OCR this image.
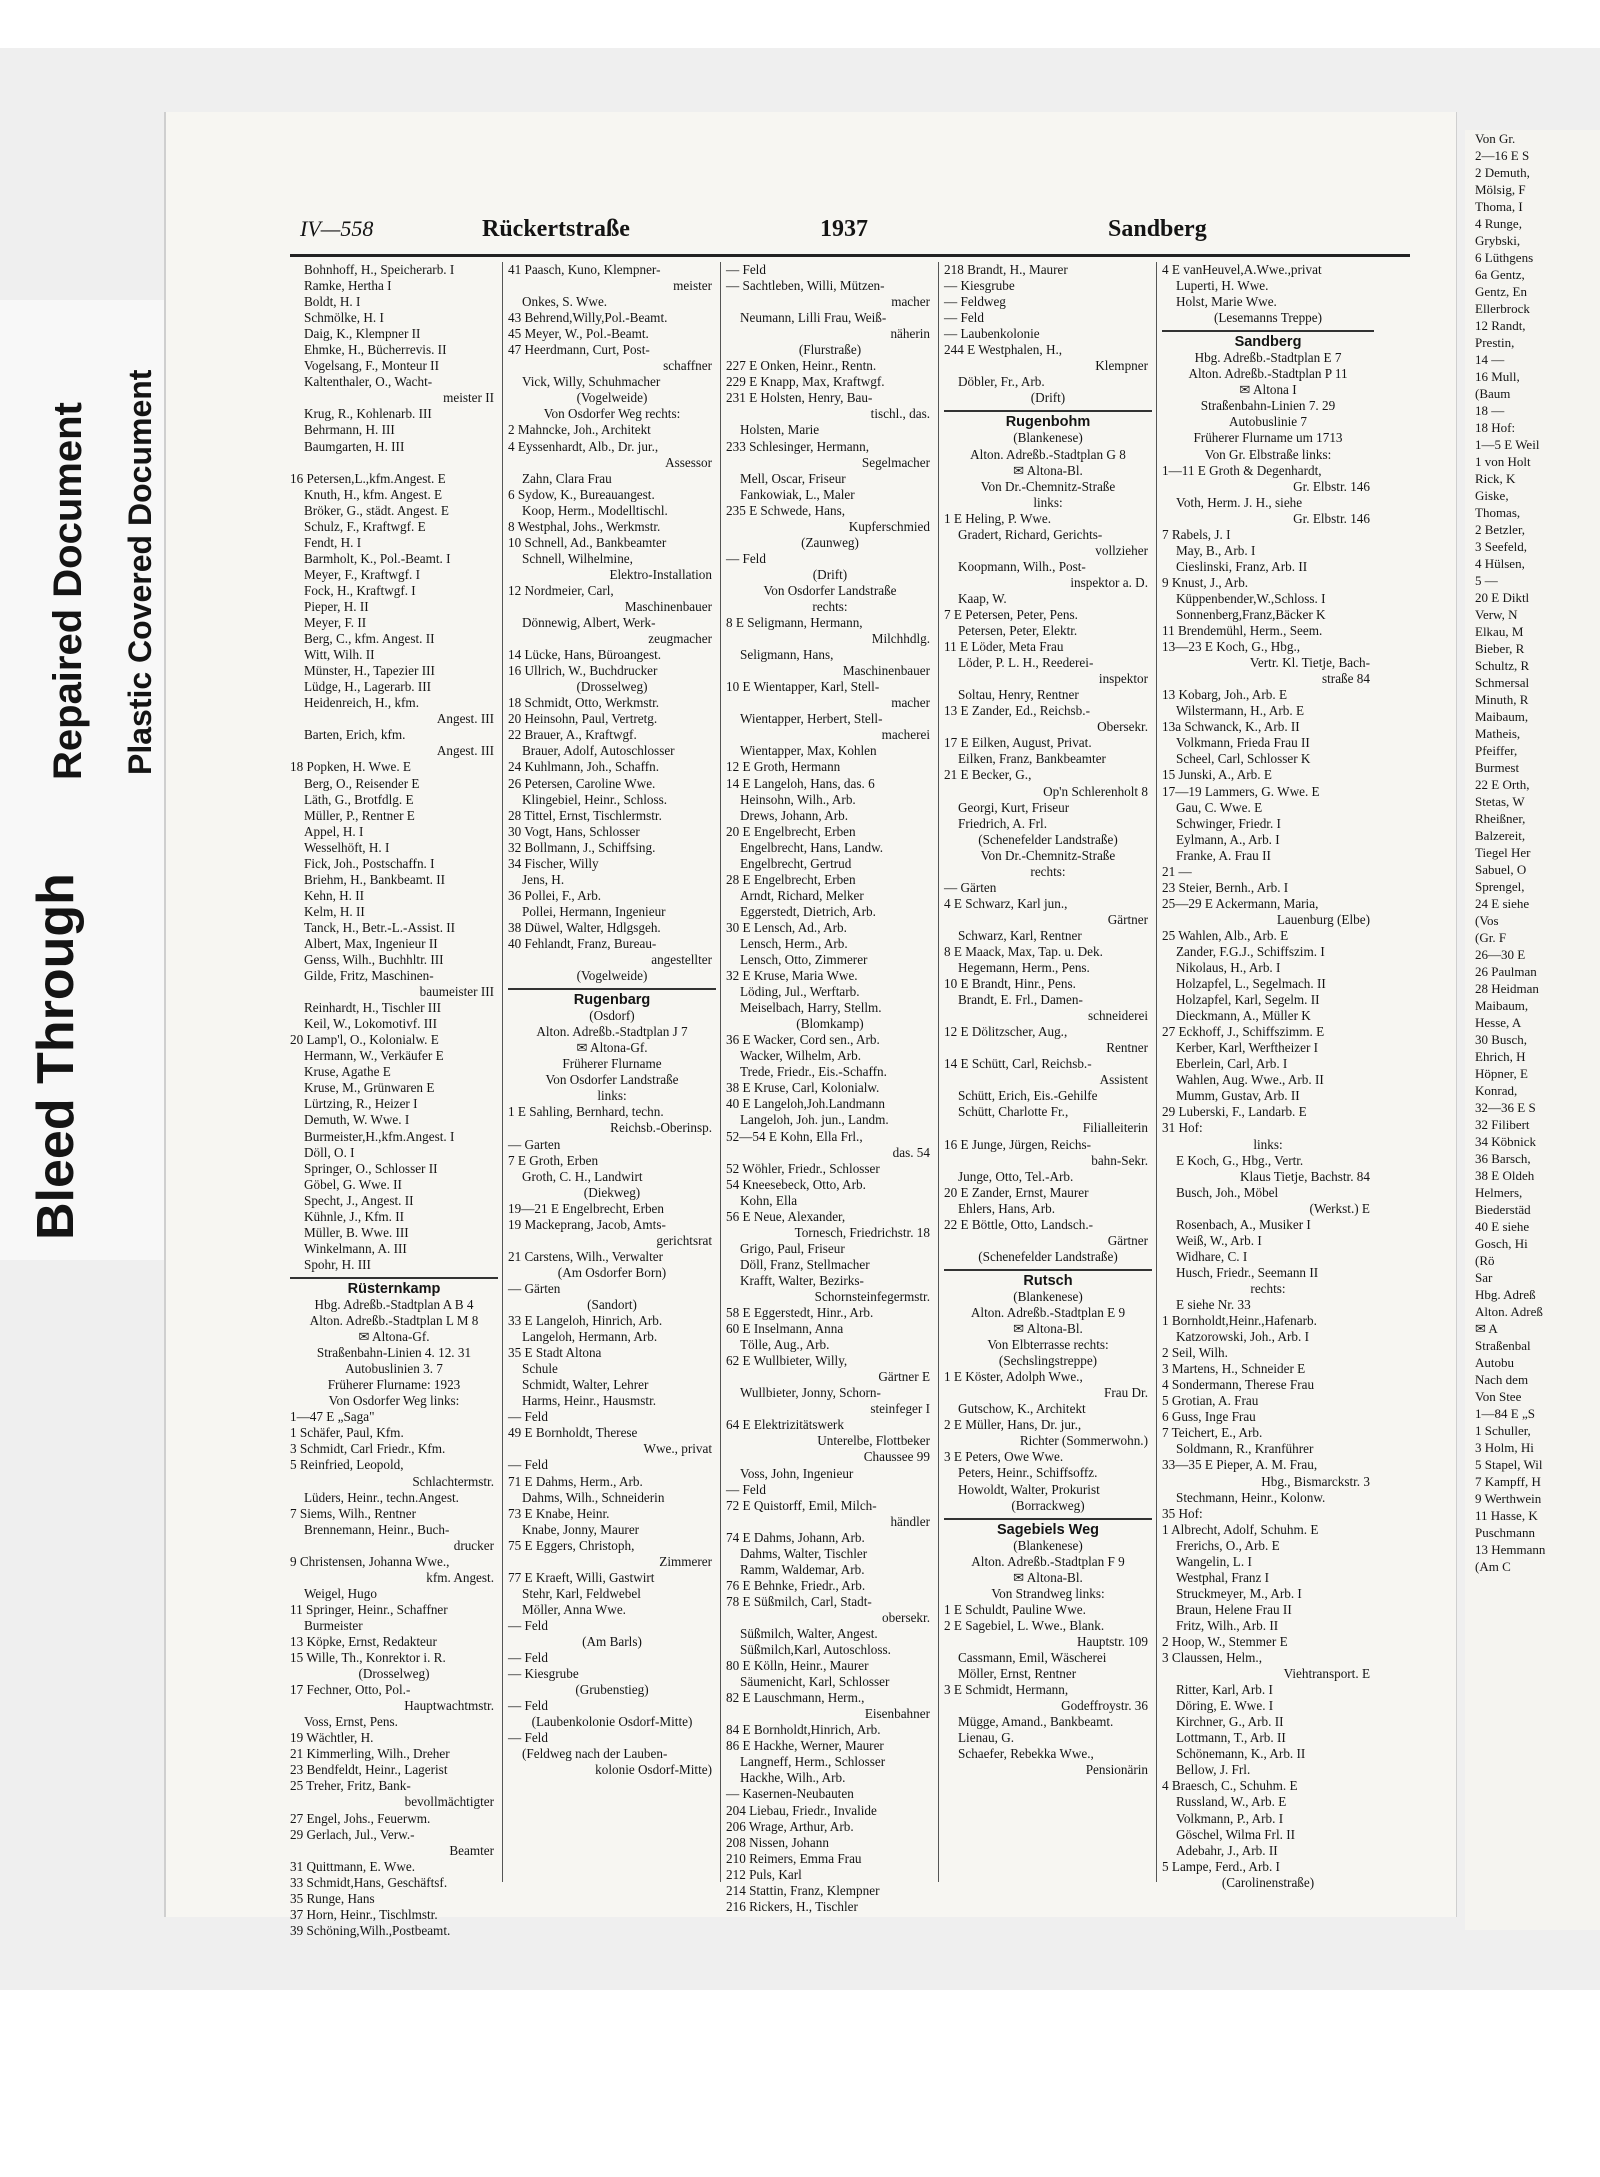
Bleed Through
Repaired Document Plastic Covered Document
Von Gr.
2—16 E S
2 Demuth,
Mölsig, F
Thoma, I
4 Runge,
Grybski,
6 Lüthgens
6a Gentz,
Gentz, En
Ellerbrock
12 Randt,
Prestin,
14 —
16 Mull,
(Baum
18 —
18 Hof:
1—5 E Weil
1 von Holt
Rick, K
Giske,
Thomas,
2 Betzler,
3 Seefeld,
4 Hülsen,
5 —
20 E Diktl
Verw, N
Elkau, M
Bieber, R
Schultz, R
Schmersal
Minuth, R
Maibaum,
Matheis,
Pfeiffer,
Burmest
22 E Orth,
Stetas, W
Rheißner,
Balzereit,
Tiegel Her
Sabuel, O
Sprengel,
24 E siehe
(Vos
(Gr. F
26—30 E
26 Paulman
28 Heidman
Maibaum,
Hesse, A
30 Busch,
Ehrich, H
Höpner, E
Konrad,
32—36 E S
32 Filibert
34 Köbnick
36 Barsch,
38 E Oldeh
Helmers,
Biederstäd
40 E siehe
Gosch, Hi
(Rö
Sar
Hbg. Adreß
Alton. Adreß
✉ A
Straßenbal
Autobu
Nach dem
Von Stee
1—84 E „S
1 Schuller,
3 Holm, Hi
5 Stapel, Wil
7 Kampff, H
9 Werthwein
11 Hasse, K
Puschmann
13 Hemmann
(Am C
IV—558	Rückertstraße	1937	Sandberg
Bohnhoff, H., Speicherarb. I
Ramke, Hertha I
Boldt, H. I
Schmölke, H. I
Daig, K., Klempner II
Ehmke, H., Bücherrevis. II
Vogelsang, F., Monteur II
Kaltenthaler, O., Wacht-
meister II
Krug, R., Kohlenarb. III
Behrmann, H. III
Baumgarten, H. III

16 Petersen,L.,kfm.Angest. E
Knuth, H., kfm. Angest. E
Bröker, G., städt. Angest. E
Schulz, F., Kraftwgf. E
Fendt, H. I
Barmholt, K., Pol.-Beamt. I
Meyer, F., Kraftwgf. I
Fock, H., Kraftwgf. I
Pieper, H. II
Meyer, F. II
Berg, C., kfm. Angest. II
Witt, Wilh. II
Münster, H., Tapezier III
Lüdge, H., Lagerarb. III
Heidenreich, H., kfm.
Angest. III
Barten, Erich, kfm.
Angest. III
18 Popken, H. Wwe. E
Berg, O., Reisender E
Läth, G., Brotfdlg. E
Müller, P., Rentner E
Appel, H. I
Wesselhöft, H. I
Fick, Joh., Postschaffn. I
Briehm, H., Bankbeamt. II
Kehn, H. II
Kelm, H. II
Tanck, H., Betr.-L.-Assist. II
Albert, Max, Ingenieur II
Genss, Wilh., Buchhltr. III
Gilde, Fritz, Maschinen-
baumeister III
Reinhardt, H., Tischler III
Keil, W., Lokomotivf. III
20 Lamp'l, O., Kolonialw. E
Hermann, W., Verkäufer E
Kruse, Agathe E
Kruse, M., Grünwaren E
Lürtzing, R., Heizer I
Demuth, W. Wwe. I
Burmeister,H.,kfm.Angest. I
Döll, O. I
Springer, O., Schlosser II
Göbel, G. Wwe. II
Specht, J., Angest. II
Kühnle, J., Kfm. II
Müller, B. Wwe. III
Winkelmann, A. III
Spohr, H. III
Rüsternkamp
Hbg. Adreßb.-Stadtplan A B 4
Alton. Adreßb.-Stadtplan L M 8
✉ Altona-Gf.
Straßenbahn-Linien 4. 12. 31
Autobuslinien 3. 7
Früherer Flurname: 1923
Von Osdorfer Weg links:
1—47 E „Saga"
1 Schäfer, Paul, Kfm.
3 Schmidt, Carl Friedr., Kfm.
5 Reinfried, Leopold,
Schlachtermstr.
Lüders, Heinr., techn.Angest.
7 Siems, Wilh., Rentner
Brennemann, Heinr., Buch-
drucker
9 Christensen, Johanna Wwe.,
kfm. Angest.
Weigel, Hugo
11 Springer, Heinr., Schaffner
Burmeister
13 Köpke, Ernst, Redakteur
15 Wille, Th., Konrektor i. R.
(Drosselweg)
17 Fechner, Otto, Pol.-
Hauptwachtmstr.
Voss, Ernst, Pens.
19 Wächtler, H.
21 Kimmerling, Wilh., Dreher
23 Bendfeldt, Heinr., Lagerist
25 Treher, Fritz, Bank-
bevollmächtigter
27 Engel, Johs., Feuerwm.
29 Gerlach, Jul., Verw.-
Beamter
31 Quittmann, E. Wwe.
33 Schmidt,Hans, Geschäftsf.
35 Runge, Hans
37 Horn, Heinr., Tischlmstr.
39 Schöning,Wilh.,Postbeamt.
41 Paasch, Kuno, Klempner-
meister
Onkes, S. Wwe.
43 Behrend,Willy,Pol.-Beamt.
45 Meyer, W., Pol.-Beamt.
47 Heerdmann, Curt, Post-
schaffner
Vick, Willy, Schuhmacher
(Vogelweide)
Von Osdorfer Weg rechts:
2 Mahncke, Joh., Architekt
4 Eyssenhardt, Alb., Dr. jur.,
Assessor
Zahn, Clara Frau
6 Sydow, K., Bureauangest.
Koop, Herm., Modelltischl.
8 Westphal, Johs., Werkmstr.
10 Schnell, Ad., Bankbeamter
Schnell, Wilhelmine,
Elektro-Installation
12 Nordmeier, Carl,
Maschinenbauer
Dönnewig, Albert, Werk-
zeugmacher
14 Lücke, Hans, Büroangest.
16 Ullrich, W., Buchdrucker
(Drosselweg)
18 Schmidt, Otto, Werkmstr.
20 Heinsohn, Paul, Vertretg.
22 Brauer, A., Kraftwgf.
Brauer, Adolf, Autoschlosser
24 Kuhlmann, Joh., Schaffn.
26 Petersen, Caroline Wwe.
Klingebiel, Heinr., Schloss.
28 Tittel, Ernst, Tischlermstr.
30 Vogt, Hans, Schlosser
32 Bollmann, J., Schiffsing.
34 Fischer, Willy
Jens, H.
36 Pollei, F., Arb.
Pollei, Hermann, Ingenieur
38 Düwel, Walter, Hdlgsgeh.
40 Fehlandt, Franz, Bureau-
angestellter
(Vogelweide)
Rugenbarg
(Osdorf)
Alton. Adreßb.-Stadtplan J 7
✉ Altona-Gf.
Früherer Flurname
Von Osdorfer Landstraße
links:
1 E Sahling, Bernhard, techn.
Reichsb.-Oberinsp.
— Garten
7 E Groth, Erben
Groth, C. H., Landwirt
(Diekweg)
19—21 E Engelbrecht, Erben
19 Mackeprang, Jacob, Amts-
gerichtsrat
21 Carstens, Wilh., Verwalter
(Am Osdorfer Born)
— Gärten
(Sandort)
33 E Langeloh, Hinrich, Arb.
Langeloh, Hermann, Arb.
35 E Stadt Altona
Schule
Schmidt, Walter, Lehrer
Harms, Heinr., Hausmstr.
— Feld
49 E Bornholdt, Therese
Wwe., privat
— Feld
71 E Dahms, Herm., Arb.
Dahms, Wilh., Schneiderin
73 E Knabe, Heinr.
Knabe, Jonny, Maurer
75 E Eggers, Christoph,
Zimmerer
77 E Kraeft, Willi, Gastwirt
Stehr, Karl, Feldwebel
Möller, Anna Wwe.
— Feld
(Am Barls)
— Feld
— Kiesgrube
(Grubenstieg)
— Feld
(Laubenkolonie Osdorf-Mitte)
— Feld
(Feldweg nach der Lauben-
kolonie Osdorf-Mitte)
— Feld
— Sachtleben, Willi, Mützen-
macher
Neumann, Lilli Frau, Weiß-
näherin
(Flurstraße)
227 E Onken, Heinr., Rentn.
229 E Knapp, Max, Kraftwgf.
231 E Holsten, Henry, Bau-
tischl., das.
Holsten, Marie
233 Schlesinger, Hermann,
Segelmacher
Mell, Oscar, Friseur
Fankowiak, L., Maler
235 E Schwede, Hans,
Kupferschmied
(Zaunweg)
— Feld
(Drift)
Von Osdorfer Landstraße
rechts:
8 E Seligmann, Hermann,
Milchhdlg.
Seligmann, Hans,
Maschinenbauer
10 E Wientapper, Karl, Stell-
macher
Wientapper, Herbert, Stell-
macherei
Wientapper, Max, Kohlen
12 E Groth, Hermann
14 E Langeloh, Hans, das. 6
Heinsohn, Wilh., Arb.
Drews, Johann, Arb.
20 E Engelbrecht, Erben
Engelbrecht, Hans, Landw.
Engelbrecht, Gertrud
28 E Engelbrecht, Erben
Arndt, Richard, Melker
Eggerstedt, Dietrich, Arb.
30 E Lensch, Ad., Arb.
Lensch, Herm., Arb.
Lensch, Otto, Zimmerer
32 E Kruse, Maria Wwe.
Löding, Jul., Werftarb.
Meiselbach, Harry, Stellm.
(Blomkamp)
36 E Wacker, Cord sen., Arb.
Wacker, Wilhelm, Arb.
Trede, Friedr., Eis.-Schaffn.
38 E Kruse, Carl, Kolonialw.
40 E Langeloh,Joh.Landmann
Langeloh, Joh. jun., Landm.
52—54 E Kohn, Ella Frl.,
das. 54
52 Wöhler, Friedr., Schlosser
54 Kneesebeck, Otto, Arb.
Kohn, Ella
56 E Neue, Alexander,
Tornesch, Friedrichstr. 18
Grigo, Paul, Friseur
Döll, Franz, Stellmacher
Krafft, Walter, Bezirks-
Schornsteinfegermstr.
58 E Eggerstedt, Hinr., Arb.
60 E Inselmann, Anna
Tölle, Aug., Arb.
62 E Wullbieter, Willy,
Gärtner E
Wullbieter, Jonny, Schorn-
steinfeger I
64 E Elektrizitätswerk
Unterelbe, Flottbeker
Chaussee 99
Voss, John, Ingenieur
— Feld
72 E Quistorff, Emil, Milch-
händler
74 E Dahms, Johann, Arb.
Dahms, Walter, Tischler
Ramm, Waldemar, Arb.
76 E Behnke, Friedr., Arb.
78 E Süßmilch, Carl, Stadt-
obersekr.
Süßmilch, Walter, Angest.
Süßmilch,Karl, Autoschloss.
80 E Kölln, Heinr., Maurer
Säumenicht, Karl, Schlosser
82 E Lauschmann, Herm.,
Eisenbahner
84 E Bornholdt,Hinrich, Arb.
86 E Hackhe, Werner, Maurer
Langneff, Herm., Schlosser
Hackhe, Wilh., Arb.
— Kasernen-Neubauten
204 Liebau, Friedr., Invalide
206 Wrage, Arthur, Arb.
208 Nissen, Johann
210 Reimers, Emma Frau
212 Puls, Karl
214 Stattin, Franz, Klempner
216 Rickers, H., Tischler
218 Brandt, H., Maurer
— Kiesgrube
— Feldweg
— Feld
— Laubenkolonie
244 E Westphalen, H.,
Klempner
Döbler, Fr., Arb.
(Drift)
Rugenbohm
(Blankenese)
Alton. Adreßb.-Stadtplan G 8
✉ Altona-Bl.
Von Dr.-Chemnitz-Straße
links:
1 E Heling, P. Wwe.
Gradert, Richard, Gerichts-
vollzieher
Koopmann, Wilh., Post-
inspektor a. D.
Kaap, W.
7 E Petersen, Peter, Pens.
Petersen, Peter, Elektr.
11 E Löder, Meta Frau
Löder, P. L. H., Reederei-
inspektor
Soltau, Henry, Rentner
13 E Zander, Ed., Reichsb.-
Obersekr.
17 E Eilken, August, Privat.
Eilken, Franz, Bankbeamter
21 E Becker, G.,
Op'n Schlerenholt 8
Georgi, Kurt, Friseur
Friedrich, A. Frl.
(Schenefelder Landstraße)
Von Dr.-Chemnitz-Straße
rechts:
— Gärten
4 E Schwarz, Karl jun.,
Gärtner
Schwarz, Karl, Rentner
8 E Maack, Max, Tap. u. Dek.
Hegemann, Herm., Pens.
10 E Brandt, Hinr., Pens.
Brandt, E. Frl., Damen-
schneiderei
12 E Dölitzscher, Aug.,
Rentner
14 E Schütt, Carl, Reichsb.-
Assistent
Schütt, Erich, Eis.-Gehilfe
Schütt, Charlotte Fr.,
Filialleiterin
16 E Junge, Jürgen, Reichs-
bahn-Sekr.
Junge, Otto, Tel.-Arb.
20 E Zander, Ernst, Maurer
Ehlers, Hans, Arb.
22 E Böttle, Otto, Landsch.-
Gärtner
(Schenefelder Landstraße)
Rutsch
(Blankenese)
Alton. Adreßb.-Stadtplan E 9
✉ Altona-Bl.
Von Elbterrasse rechts:
(Sechslingstreppe)
1 E Köster, Adolph Wwe.,
Frau Dr.
Gutschow, K., Architekt
2 E Müller, Hans, Dr. jur.,
Richter (Sommerwohn.)
3 E Peters, Owe Wwe.
Peters, Heinr., Schiffsoffz.
Howoldt, Walter, Prokurist
(Borrackweg)
Sagebiels Weg
(Blankenese)
Alton. Adreßb.-Stadtplan F 9
✉ Altona-Bl.
Von Strandweg links:
1 E Schuldt, Pauline Wwe.
2 E Sagebiel, L. Wwe., Blank.
Hauptstr. 109
Cassmann, Emil, Wäscherei
Möller, Ernst, Rentner
3 E Schmidt, Hermann,
Godeffroystr. 36
Mügge, Amand., Bankbeamt.
Lienau, G.
Schaefer, Rebekka Wwe.,
Pensionärin
4 E vanHeuvel,A.Wwe.,privat
Luperti, H. Wwe.
Holst, Marie Wwe.
(Lesemanns Treppe)
Sandberg
Hbg. Adreßb.-Stadtplan E 7
Alton. Adreßb.-Stadtplan P 11
✉ Altona I
Straßenbahn-Linien 7. 29
Autobuslinie 7
Früherer Flurname um 1713
Von Gr. Elbstraße links:
1—11 E Groth & Degenhardt,
Gr. Elbstr. 146
Voth, Herm. J. H., siehe
Gr. Elbstr. 146
7 Rabels, J. I
May, B., Arb. I
Cieslinski, Franz, Arb. II
9 Knust, J., Arb.
Küppenbender,W.,Schloss. I
Sonnenberg,Franz,Bäcker K
11 Brendemühl, Herm., Seem.
13—23 E Koch, G., Hbg.,
Vertr. Kl. Tietje, Bach-
straße 84
13 Kobarg, Joh., Arb. E
Wilstermann, H., Arb. E
13a Schwanck, K., Arb. II
Volkmann, Frieda Frau II
Scheel, Carl, Schlosser K
15 Junski, A., Arb. E
17—19 Lammers, G. Wwe. E
Gau, C. Wwe. E
Schwinger, Friedr. I
Eylmann, A., Arb. I
Franke, A. Frau II
21 —
23 Steier, Bernh., Arb. I
25—29 E Ackermann, Maria,
Lauenburg (Elbe)
25 Wahlen, Alb., Arb. E
Zander, F.G.J., Schiffszim. I
Nikolaus, H., Arb. I
Holzapfel, L., Segelmach. II
Holzapfel, Karl, Segelm. II
Dieckmann, A., Müller K
27 Eckhoff, J., Schiffszimm. E
Kerber, Karl, Werftheizer I
Eberlein, Carl, Arb. I
Wahlen, Aug. Wwe., Arb. II
Mumm, Gustav, Arb. II
29 Luberski, F., Landarb. E
31 Hof:
links:
E Koch, G., Hbg., Vertr.
Klaus Tietje, Bachstr. 84
Busch, Joh., Möbel
(Werkst.) E
Rosenbach, A., Musiker I
Weiß, W., Arb. I
Widhare, C. I
Husch, Friedr., Seemann II
rechts:
E siehe Nr. 33
1 Bornholdt,Heinr.,Hafenarb.
Katzorowski, Joh., Arb. I
2 Seil, Wilh.
3 Martens, H., Schneider E
4 Sondermann, Therese Frau
5 Grotian, A. Frau
6 Guss, Inge Frau
7 Teichert, E., Arb.
Soldmann, R., Kranführer
33—35 E Pieper, A. M. Frau,
Hbg., Bismarckstr. 3
Stechmann, Heinr., Kolonw.
35 Hof:
1 Albrecht, Adolf, Schuhm. E
Frerichs, O., Arb. E
Wangelin, L. I
Westphal, Franz I
Struckmeyer, M., Arb. I
Braun, Helene Frau II
Fritz, Wilh., Arb. II
2 Hoop, W., Stemmer E
3 Claussen, Helm.,
Viehtransport. E
Ritter, Karl, Arb. I
Döring, E. Wwe. I
Kirchner, G., Arb. II
Lottmann, T., Arb. II
Schönemann, K., Arb. II
Bellow, J. Frl.
4 Braesch, C., Schuhm. E
Russland, W., Arb. E
Volkmann, P., Arb. I
Göschel, Wilma Frl. II
Adebahr, J., Arb. II
5 Lampe, Ferd., Arb. I
(Carolinenstraße)
